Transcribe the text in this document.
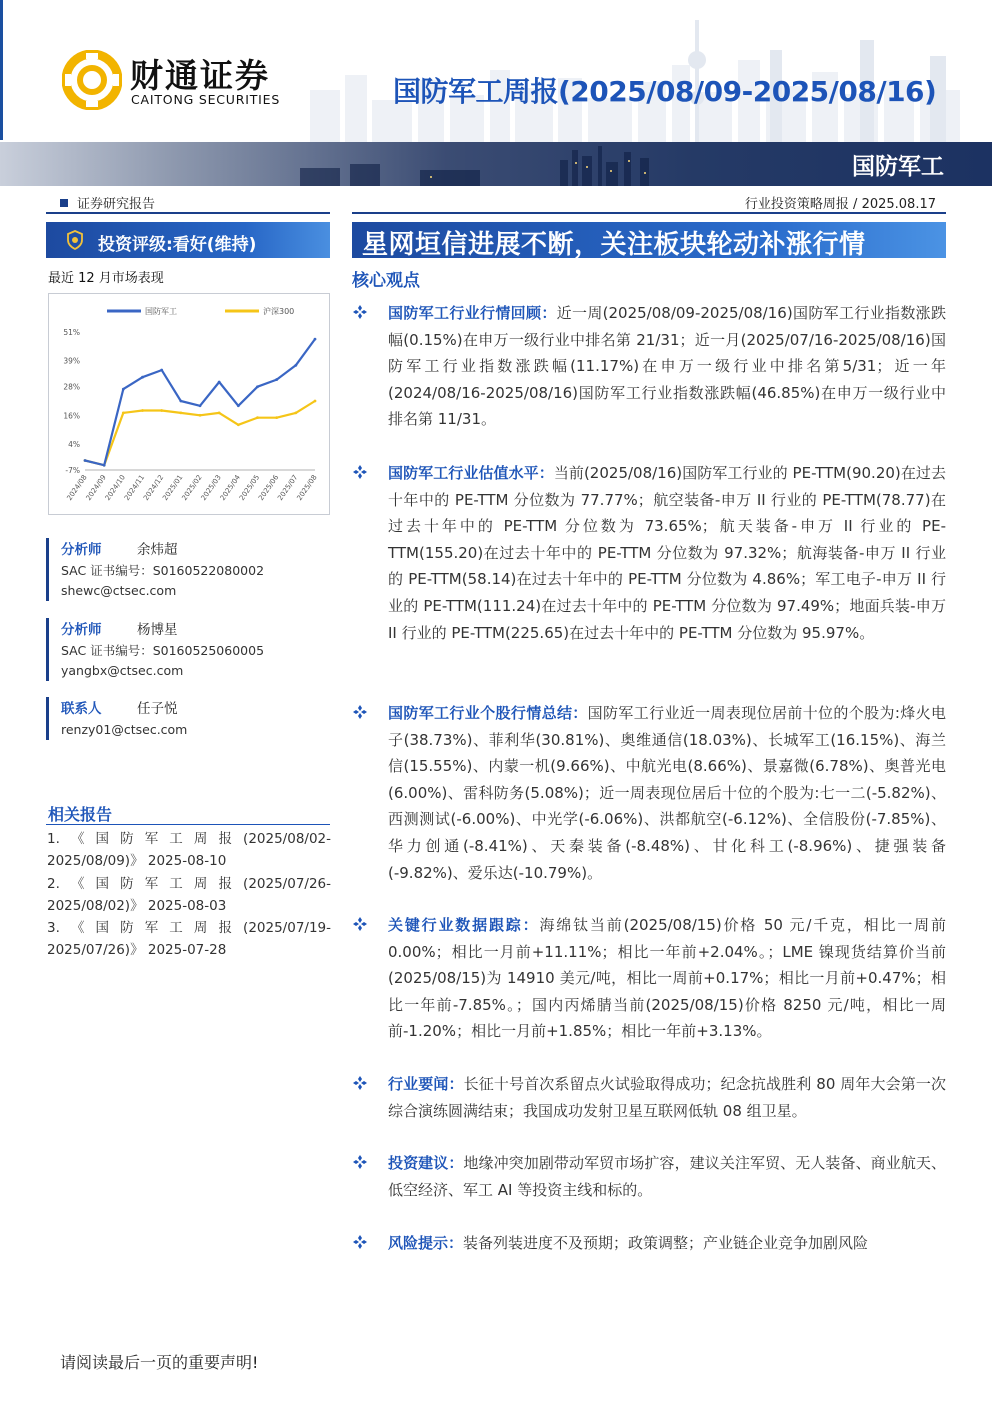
财通证券
CAITONG SECURITIES	国防军工周报(2025/08/09-2025/08/16)
国防军工
证券研究报告	行业投资策略周报 / 2025.08.17
投资评级:看好(维持)
最近 12 月市场表现
国防军工	沪深300
51%
39%
28%
16%
4%
-7%
2024/08
2024/09
2024/10
2024/11
2024/12
2025/01
2025/02
2025/03
2025/04
2025/05
2025/06
2025/07
2025/08
分析师	余炜超
SAC 证书编号：S0160522080002
shewc@ctsec.com
分析师	杨博星
SAC 证书编号：S0160525060005
yangbx@ctsec.com
联系人	任子悦
renzy01@ctsec.com
相关报告
1.《国防军工周报(2025/08/02-2025/08/09)》 2025-08-10
2.《国防军工周报(2025/07/26-2025/08/02)》 2025-08-03
3.《国防军工周报(2025/07/19-2025/07/26)》 2025-07-28
星网垣信进展不断，关注板块轮动补涨行情
核心观点
国防军工行业行情回顾：近一周(2025/08/09-2025/08/16)国防军工行业指数涨跌幅(0.15%)在申万一级行业中排名第 21/31；近一月(2025/07/16-2025/08/16)国防军工行业指数涨跌幅(11.17%)在申万一级行业中排名第5/31；近一年(2024/08/16-2025/08/16)国防军工行业指数涨跌幅(46.85%)在申万一级行业中排名第 11/31。
国防军工行业估值水平：当前(2025/08/16)国防军工行业的 PE-TTM(90.20)在过去十年中的 PE-TTM 分位数为 77.77%；航空装备-申万 II 行业的 PE-TTM(78.77)在过去十年中的 PE-TTM 分位数为 73.65%；航天装备-申万 II 行业的 PE-TTM(155.20)在过去十年中的 PE-TTM 分位数为 97.32%；航海装备-申万 II 行业的 PE-TTM(58.14)在过去十年中的 PE-TTM 分位数为 4.86%；军工电子-申万 II 行业的 PE-TTM(111.24)在过去十年中的 PE-TTM 分位数为 97.49%；地面兵装-申万 II 行业的 PE-TTM(225.65)在过去十年中的 PE-TTM 分位数为 95.97%。
国防军工行业个股行情总结：国防军工行业近一周表现位居前十位的个股为:烽火电子(38.73%)、菲利华(30.81%)、奥维通信(18.03%)、长城军工(16.15%)、海兰信(15.55%)、内蒙一机(9.66%)、中航光电(8.66%)、景嘉微(6.78%)、奥普光电(6.00%)、雷科防务(5.08%)；近一周表现位居后十位的个股为:七一二(-5.82%)、西测测试(-6.00%)、中光学(-6.06%)、洪都航空(-6.12%)、全信股份(-7.85%)、华力创通(-8.41%)、天秦装备(-8.48%)、甘化科工(-8.96%)、捷强装备(-9.82%)、爱乐达(-10.79%)。
关键行业数据跟踪：海绵钛当前(2025/08/15)价格 50 元/千克，相比一周前 0.00%；相比一月前+11.11%；相比一年前+2.04%。；LME 镍现货结算价当前(2025/08/15)为 14910 美元/吨，相比一周前+0.17%；相比一月前+0.47%；相比一年前-7.85%。；国内丙烯腈当前(2025/08/15)价格 8250 元/吨，相比一周前-1.20%；相比一月前+1.85%；相比一年前+3.13%。
行业要闻：长征十号首次系留点火试验取得成功；纪念抗战胜利 80 周年大会第一次综合演练圆满结束；我国成功发射卫星互联网低轨 08 组卫星。
投资建议：地缘冲突加剧带动军贸市场扩容，建议关注军贸、无人装备、商业航天、低空经济、军工 AI 等投资主线和标的。
风险提示：装备列装进度不及预期；政策调整；产业链企业竞争加剧风险
请阅读最后一页的重要声明!
